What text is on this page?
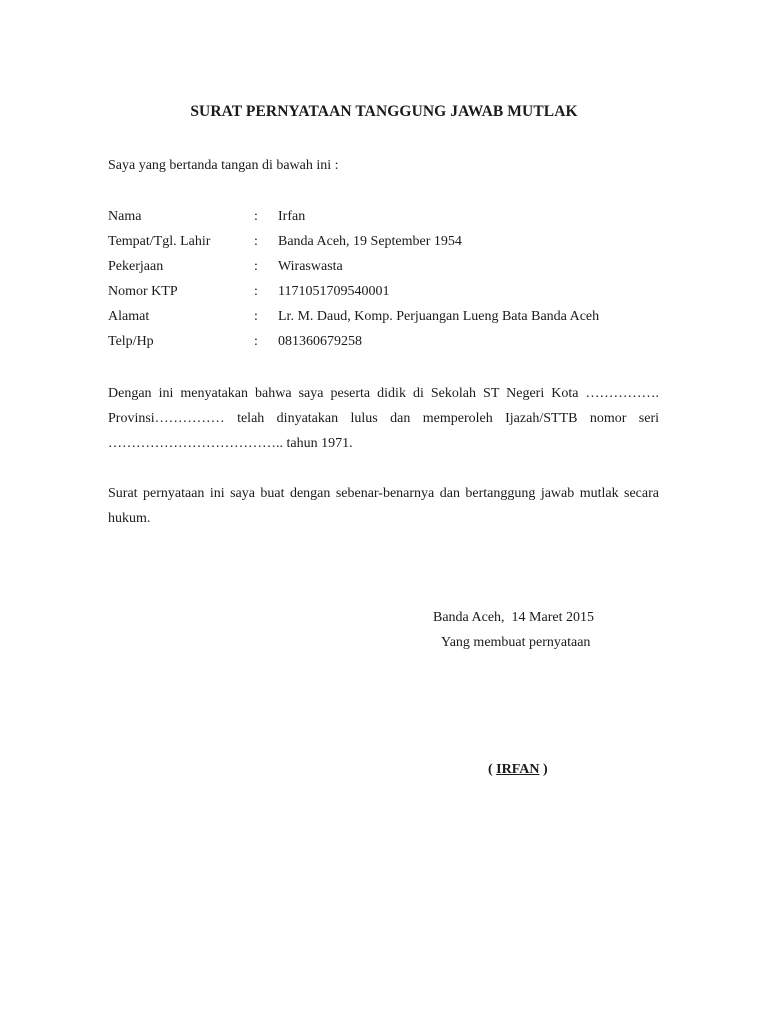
SURAT PERNYATAAN TANGGUNG JAWAB MUTLAK
Saya yang bertanda tangan di bawah ini :
Nama	: Irfan
Tempat/Tgl. Lahir	: Banda Aceh, 19 September 1954
Pekerjaan	: Wiraswasta
Nomor KTP	: 1171051709540001
Alamat	: Lr. M. Daud, Komp. Perjuangan Lueng Bata Banda Aceh
Telp/Hp	: 081360679258
Dengan ini menyatakan bahwa saya peserta didik di Sekolah ST Negeri Kota ……………. Provinsi…………… telah dinyatakan lulus dan memperoleh Ijazah/STTB nomor seri ……………………………….. tahun 1971.
Surat pernyataan ini saya buat dengan sebenar-benarnya dan bertanggung jawab mutlak secara hukum.
Banda Aceh,  14 Maret 2015
Yang membuat pernyataan
( IRFAN )
